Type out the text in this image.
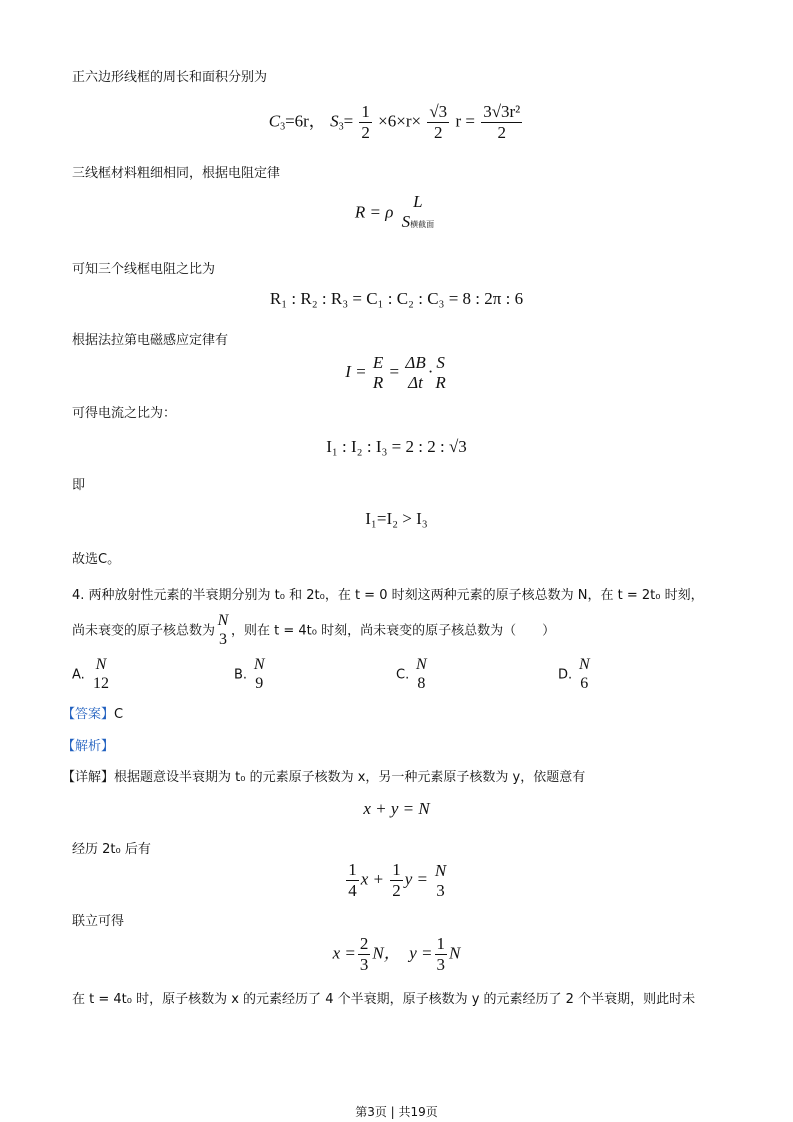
正六边形线框的周长和面积分别为
$C_3=6r$， $S_3= \frac{1}{2} \times 6\times r\times \frac{√3}{2}$ $r = \frac{\text{3√3r²}}{2}$
三线框材料粗细相同，根据电阻定律
R = ρ
L
S横截面
可知三个线框电阻之比为
R₁ : R₂ : R₃ = C₁ : C₂ : C₃ = 8 : 2π : 6
根据法拉第电磁感应定律有
I = E
R
= ΔB
Δt
· S
R
可得电流之比为：
I₁ : I₂ : I₃ = 2 : 2 : √3
即
I₁=I₂ > I₃
故选C。
4. 两种放射性元素的半衰期分别为 t₀ 和 2t₀，在 t = 0 时刻这两种元素的原子核总数为 N，在 t = 2t₀ 时刻，
尚未衰变的原子核总数为
N
3 ，则在 t = 4t₀ 时刻，尚未衰变的原子核总数为（　　）
A.
N
12	B.
N
9	C.
N
8	D.
N
6
【答案】C
【解析】
【详解】根据题意设半衰期为 t₀ 的元素原子核数为 x，另一种元素原子核数为 y，依题意有
x + y = N
经历 2t₀ 后有
$\frac{1}{4}$ $x + \frac{1}{2}$ y = N
3
联立可得
$x = \frac{2}{3}$ N， $y = \frac{1}{3}$ N
在 t = 4t₀ 时，原子核数为 x 的元素经历了 4 个半衰期，原子核数为 y 的元素经历了 2 个半衰期，则此时未
第3页 | 共19页
